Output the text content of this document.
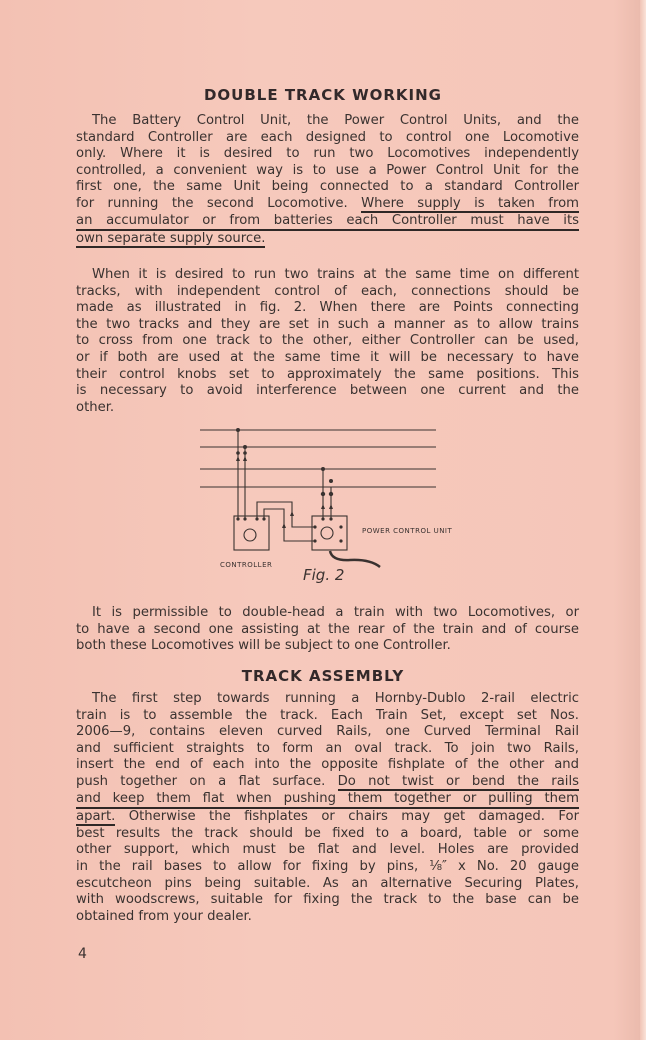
DOUBLE TRACK WORKING
The Battery Control Unit, the Power Control Units, and the
standard Controller are each designed to control one Locomotive
only. Where it is desired to run two Locomotives independently
controlled, a convenient way is to use a Power Control Unit for the
first one, the same Unit being connected to a standard Controller
for running the second Locomotive. Where supply is taken from
an accumulator or from batteries each Controller must have its
own separate supply source.
When it is desired to run two trains at the same time on different
tracks, with independent control of each, connections should be
made as illustrated in fig. 2. When there are Points connecting
the two tracks and they are set in such a manner as to allow trains
to cross from one track to the other, either Controller can be used,
or if both are used at the same time it will be necessary to have
their control knobs set to approximately the same positions. This
is necessary to avoid interference between one current and the
other.
POWER CONTROL UNIT
CONTROLLER
Fig. 2
It is permissible to double-head a train with two Locomotives, or
to have a second one assisting at the rear of the train and of course
both these Locomotives will be subject to one Controller.
TRACK ASSEMBLY
The first step towards running a Hornby-Dublo 2-rail electric
train is to assemble the track. Each Train Set, except set Nos.
2006—9, contains eleven curved Rails, one Curved Terminal Rail
and sufficient straights to form an oval track. To join two Rails,
insert the end of each into the opposite fishplate of the other and
push together on a flat surface. Do not twist or bend the rails
and keep them flat when pushing them together or pulling them
apart. Otherwise the fishplates or chairs may get damaged. For
best results the track should be fixed to a board, table or some
other support, which must be flat and level. Holes are provided
in the rail bases to allow for fixing by pins, ⅛″ x No. 20 gauge
escutcheon pins being suitable. As an alternative Securing Plates,
with woodscrews, suitable for fixing the track to the base can be
obtained from your dealer.
4
